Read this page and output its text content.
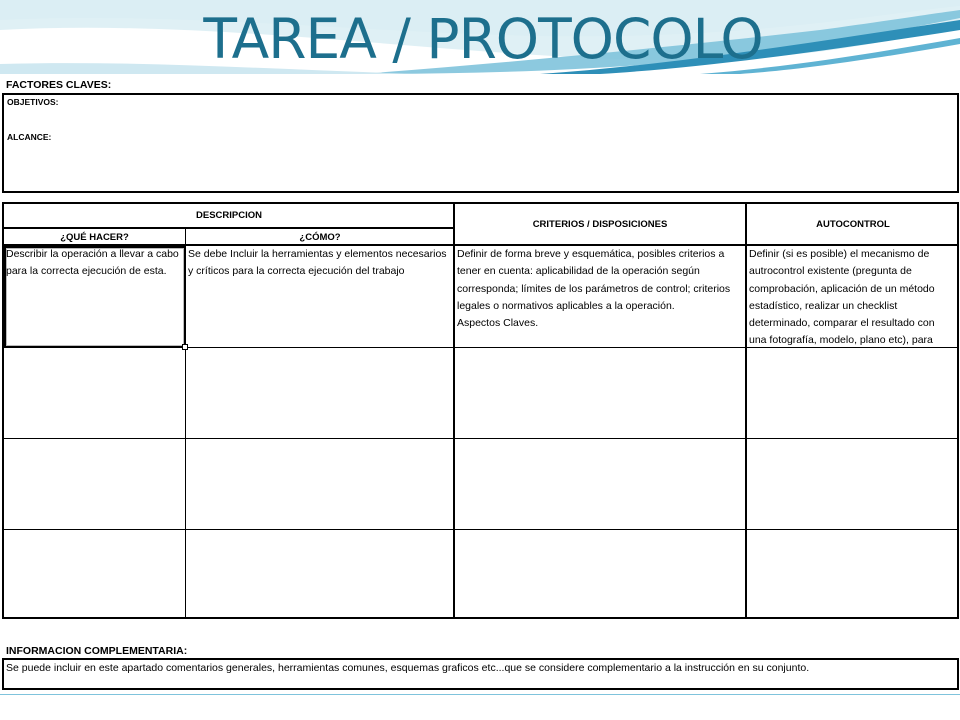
TAREA / PROTOCOLO
FACTORES CLAVES:
OBJETIVOS:
ALCANCE:
DESCRIPCION
¿QUÉ HACER?	¿CÓMO?
CRITERIOS / DISPOSICIONES	AUTOCONTROL
Describir la operación a llevar a cabo
para la correcta ejecución de esta.
Se debe Incluir la herramientas y elementos necesarios
y críticos para la correcta ejecución del trabajo
Definir de forma breve y esquemática, posibles criterios a
tener en cuenta: aplicabilidad de la operación según
corresponda; límites de los parámetros de control; criterios
legales o normativos aplicables a la operación.
Aspectos Claves.
Definir (si es posible) el mecanismo de
autrocontrol existente (pregunta de
comprobación, aplicación de un método
estadístico, realizar un checklist
determinado, comparar el resultado con
una fotografía, modelo, plano etc), para
INFORMACION COMPLEMENTARIA:
Se puede incluir en este apartado comentarios generales, herramientas comunes, esquemas graficos etc...que se considere complementario a la instrucción en su conjunto.
